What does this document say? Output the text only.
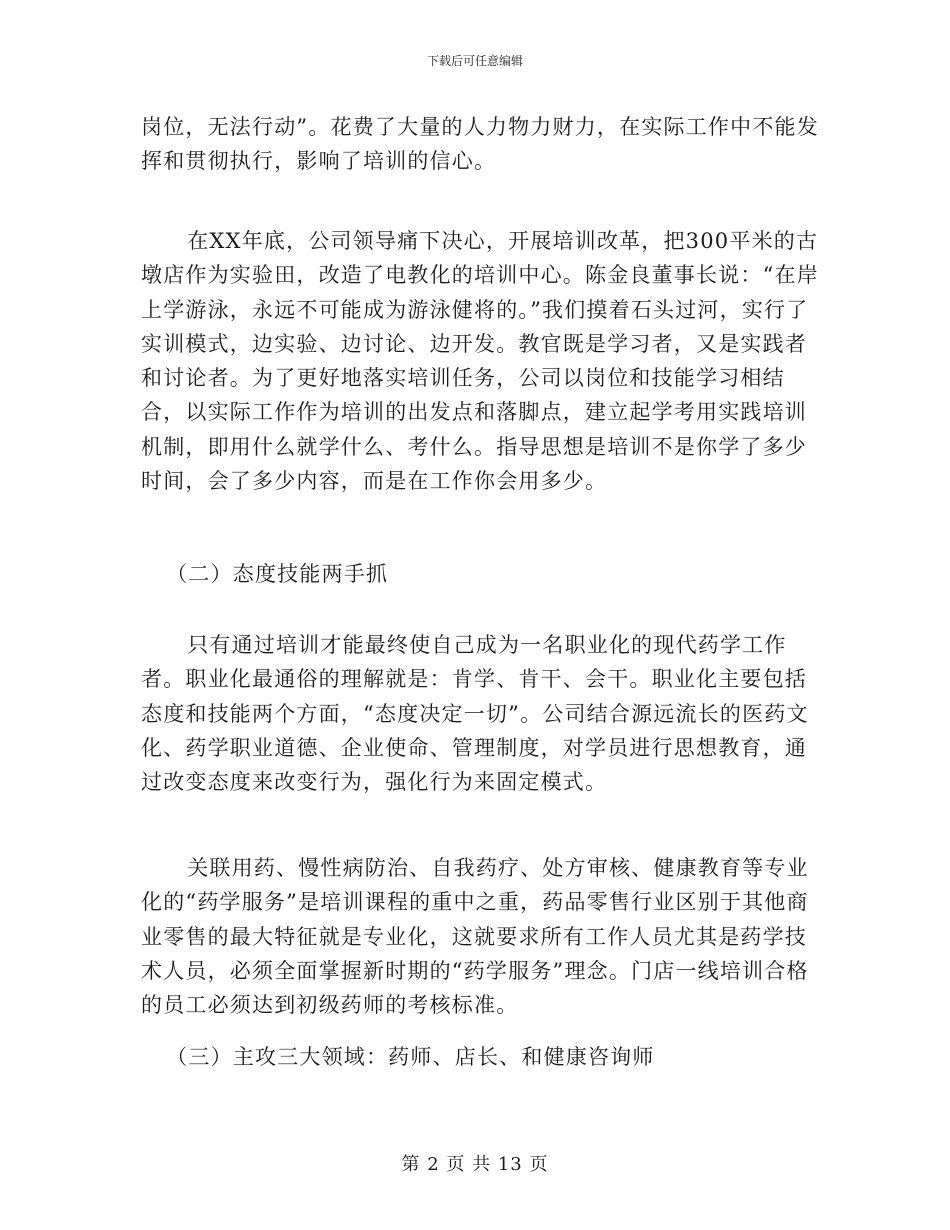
下载后可任意编辑

岗位，无法行动”。花费了大量的人力物力财力，在实际工作中不能发挥和贯彻执行，影响了培训的信心。

在XX年底，公司领导痛下决心，开展培训改革，把300平米的古墩店作为实验田，改造了电教化的培训中心。陈金良董事长说：“在岸上学游泳，永远不可能成为游泳健将的。”我们摸着石头过河，实行了实训模式，边实验、边讨论、边开发。教官既是学习者，又是实践者和讨论者。为了更好地落实培训任务，公司以岗位和技能学习相结合，以实际工作作为培训的出发点和落脚点，建立起学考用实践培训机制，即用什么就学什么、考什么。指导思想是培训不是你学了多少时间，会了多少内容，而是在工作你会用多少。

（二）态度技能两手抓

只有通过培训才能最终使自己成为一名职业化的现代药学工作者。职业化最通俗的理解就是：肯学、肯干、会干。职业化主要包括态度和技能两个方面，“态度决定一切”。公司结合源远流长的医药文化、药学职业道德、企业使命、管理制度，对学员进行思想教育，通过改变态度来改变行为，强化行为来固定模式。

关联用药、慢性病防治、自我药疗、处方审核、健康教育等专业化的“药学服务”是培训课程的重中之重，药品零售行业区别于其他商业零售的最大特征就是专业化，这就要求所有工作人员尤其是药学技术人员，必须全面掌握新时期的“药学服务”理念。门店一线培训合格的员工必须达到初级药师的考核标准。

（三）主攻三大领域：药师、店长、和健康咨询师

第 2 页 共 13 页
